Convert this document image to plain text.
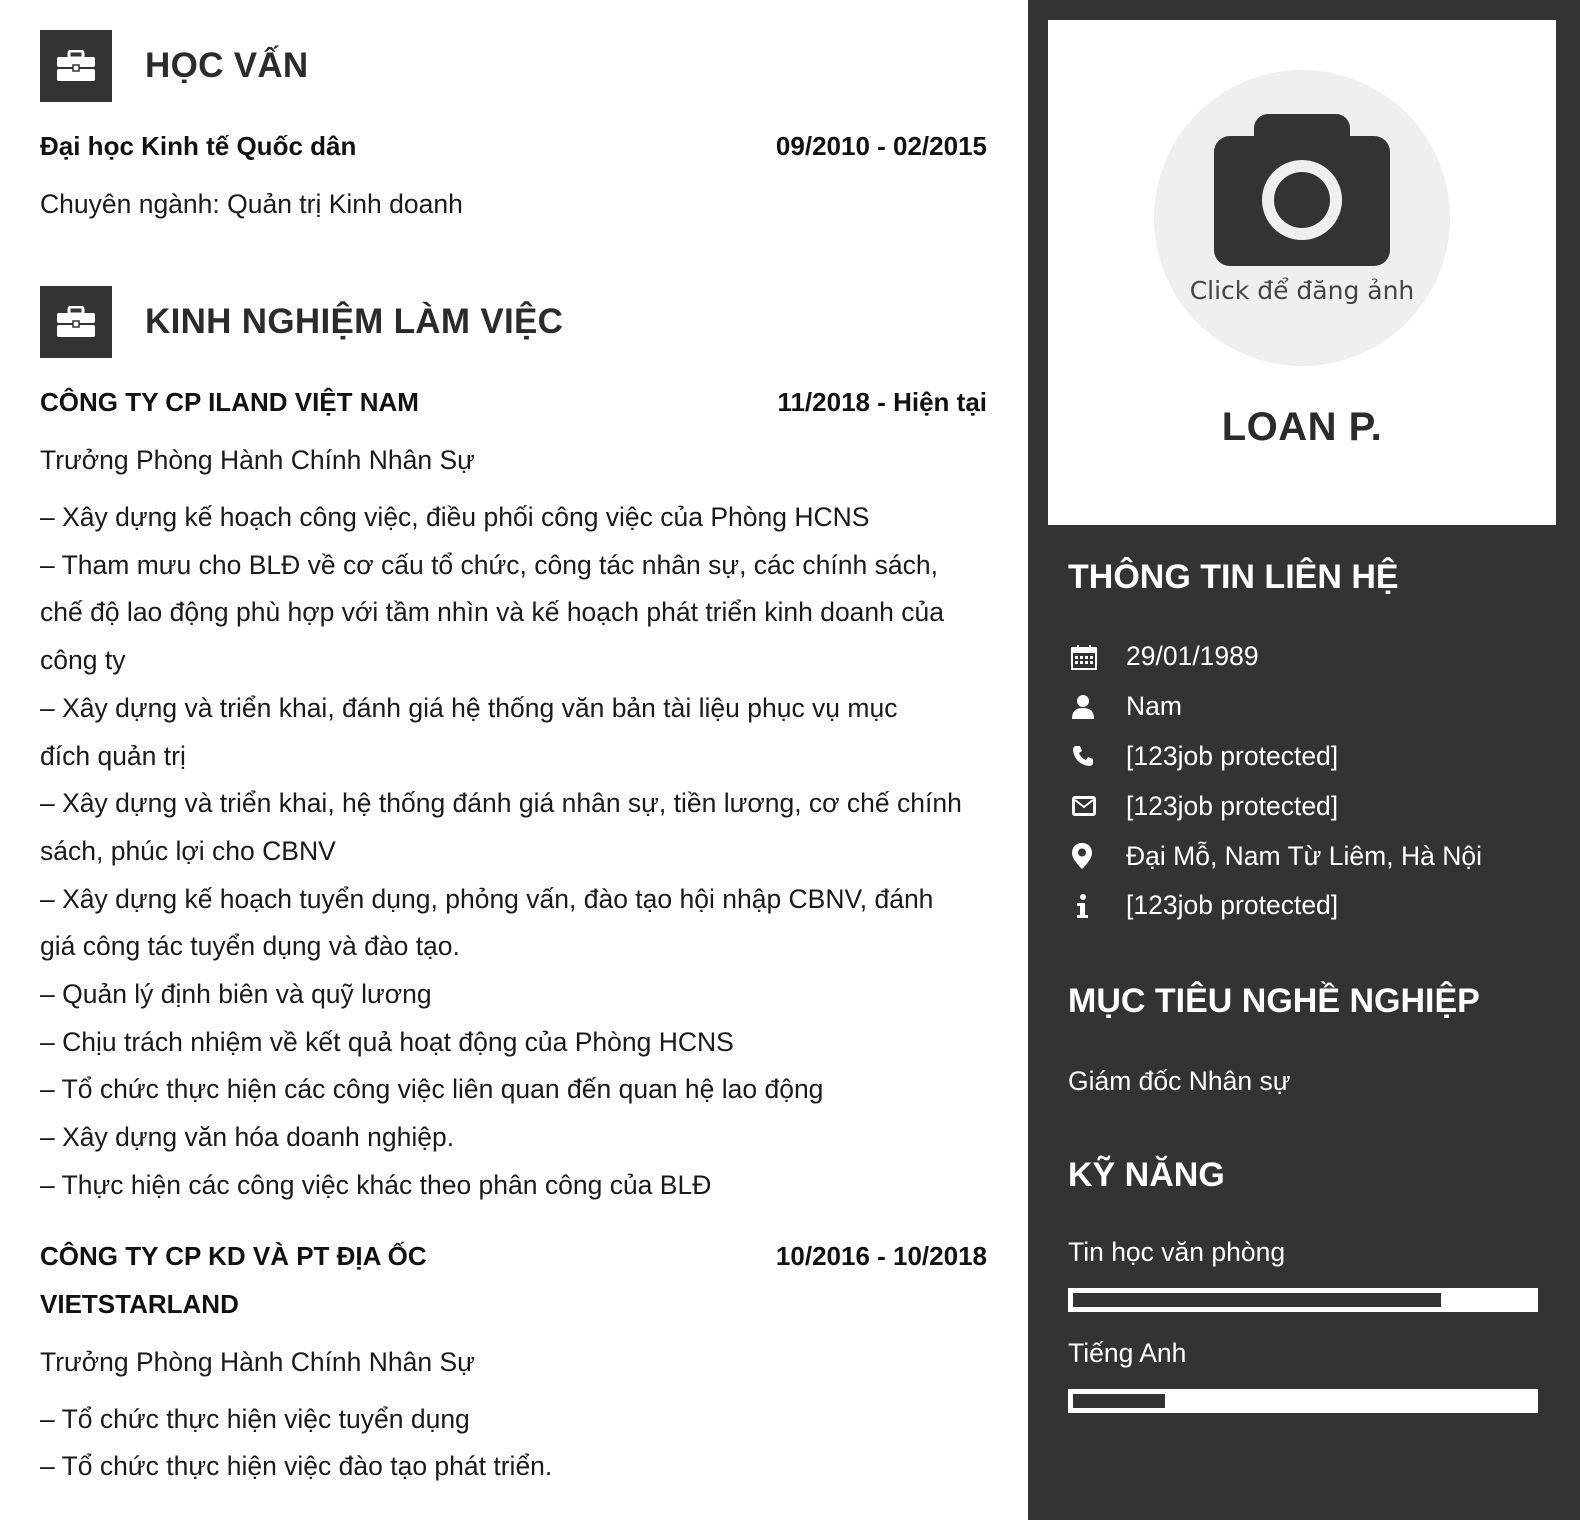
HỌC VẤN
Đại học Kinh tế Quốc dân	09/2010 - 02/2015
Chuyên ngành: Quản trị Kinh doanh
KINH NGHIỆM LÀM VIỆC
CÔNG TY CP ILAND VIỆT NAM	11/2018 - Hiện tại
Trưởng Phòng Hành Chính Nhân Sự
– Xây dựng kế hoạch công việc, điều phối công việc của Phòng HCNS
– Tham mưu cho BLĐ về cơ cấu tổ chức, công tác nhân sự, các chính sách,
chế độ lao động phù hợp với tầm nhìn và kế hoạch phát triển kinh doanh của
công ty
– Xây dựng và triển khai, đánh giá hệ thống văn bản tài liệu phục vụ mục
đích quản trị
– Xây dựng và triển khai, hệ thống đánh giá nhân sự, tiền lương, cơ chế chính
sách, phúc lợi cho CBNV
– Xây dựng kế hoạch tuyển dụng, phỏng vấn, đào tạo hội nhập CBNV, đánh
giá công tác tuyển dụng và đào tạo.
– Quản lý định biên và quỹ lương
– Chịu trách nhiệm về kết quả hoạt động của Phòng HCNS
– Tổ chức thực hiện các công việc liên quan đến quan hệ lao động
– Xây dựng văn hóa doanh nghiệp.
– Thực hiện các công việc khác theo phân công của BLĐ
CÔNG TY CP KD VÀ PT ĐỊA ỐC VIETSTARLAND
10/2016 - 10/2018
Trưởng Phòng Hành Chính Nhân Sự
– Tổ chức thực hiện việc tuyển dụng
– Tổ chức thực hiện việc đào tạo phát triển.
Click để đăng ảnh
LOAN P.
THÔNG TIN LIÊN HỆ
29/01/1989
Nam
[123job protected]
[123job protected]
Đại Mỗ, Nam Từ Liêm, Hà Nội
[123job protected]
MỤC TIÊU NGHỀ NGHIỆP
Giám đốc Nhân sự
KỸ NĂNG
Tin học văn phòng
Tiếng Anh
